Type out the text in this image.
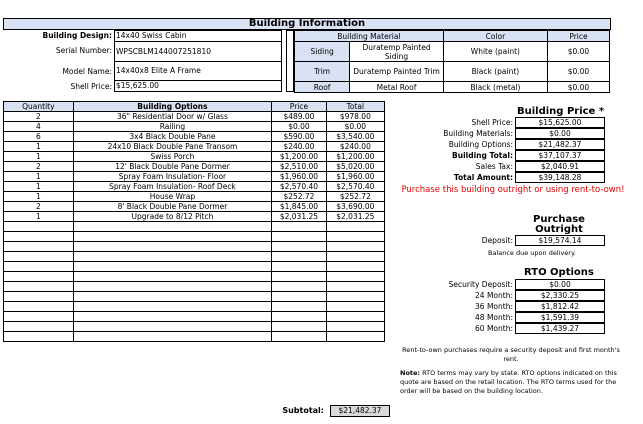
Building Information
Building Design: 14x40 Swiss Cabin
Serial Number: WPSCBLM144007251810
Model Name: 14x40x8 Elite A Frame
Shell Price: $15,625.00
Building Material		Color	Price
Siding	Duratemp Painted Siding	White (paint)	$0.00
Trim	Duratemp Painted Trim	Black (paint)	$0.00
Roof	Metal Roof	Black (metal)	$0.00
Quantity	Building Options	Price	Total
2	36" Residential Door w/ Glass	$489.00	$978.00
4	Railing	$0.00	$0.00
6	3x4 Black Double Pane	$590.00	$3,540.00
1	24x10 Black Double Pane Transom	$240.00	$240.00
1	Swiss Porch	$1,200.00	$1,200.00
2	12' Black Double Pane Dormer	$2,510.00	$5,020.00
1	Spray Foam Insulation- Floor	$1,960.00	$1,960.00
1	Spray Foam Insulation- Roof Deck	$2,570.40	$2,570.40
1	House Wrap	$252.72	$252.72
2	8' Black Double Pane Dormer	$1,845.00	$3,690.00
1	Upgrade to 8/12 Pitch	$2,031.25	$2,031.25

Subtotal:	$21,482.37
Building Price *
Shell Price:	$15,625.00
Building Materials:	$0.00
Building Options:	$21,482.37
Building Total:	$37,107.37
Sales Tax:	$2,040.91
Total Amount:	$39,148.28
Purchase this building outright or using rent-to-own!
Purchase Outright
Deposit:	$19,574.14
Balance due upon delivery.
RTO Options
Security Deposit:	$0.00
24 Month:	$2,330.25
36 Month:	$1,812.42
48 Month:	$1,591.39
60 Month:	$1,439.27
Rent-to-own purchases require a security deposit and first month's rent.
Note: RTO terms may vary by state. RTO options indicated on this quote are based on the retail location. The RTO terms used for the order will be based on the building location.
